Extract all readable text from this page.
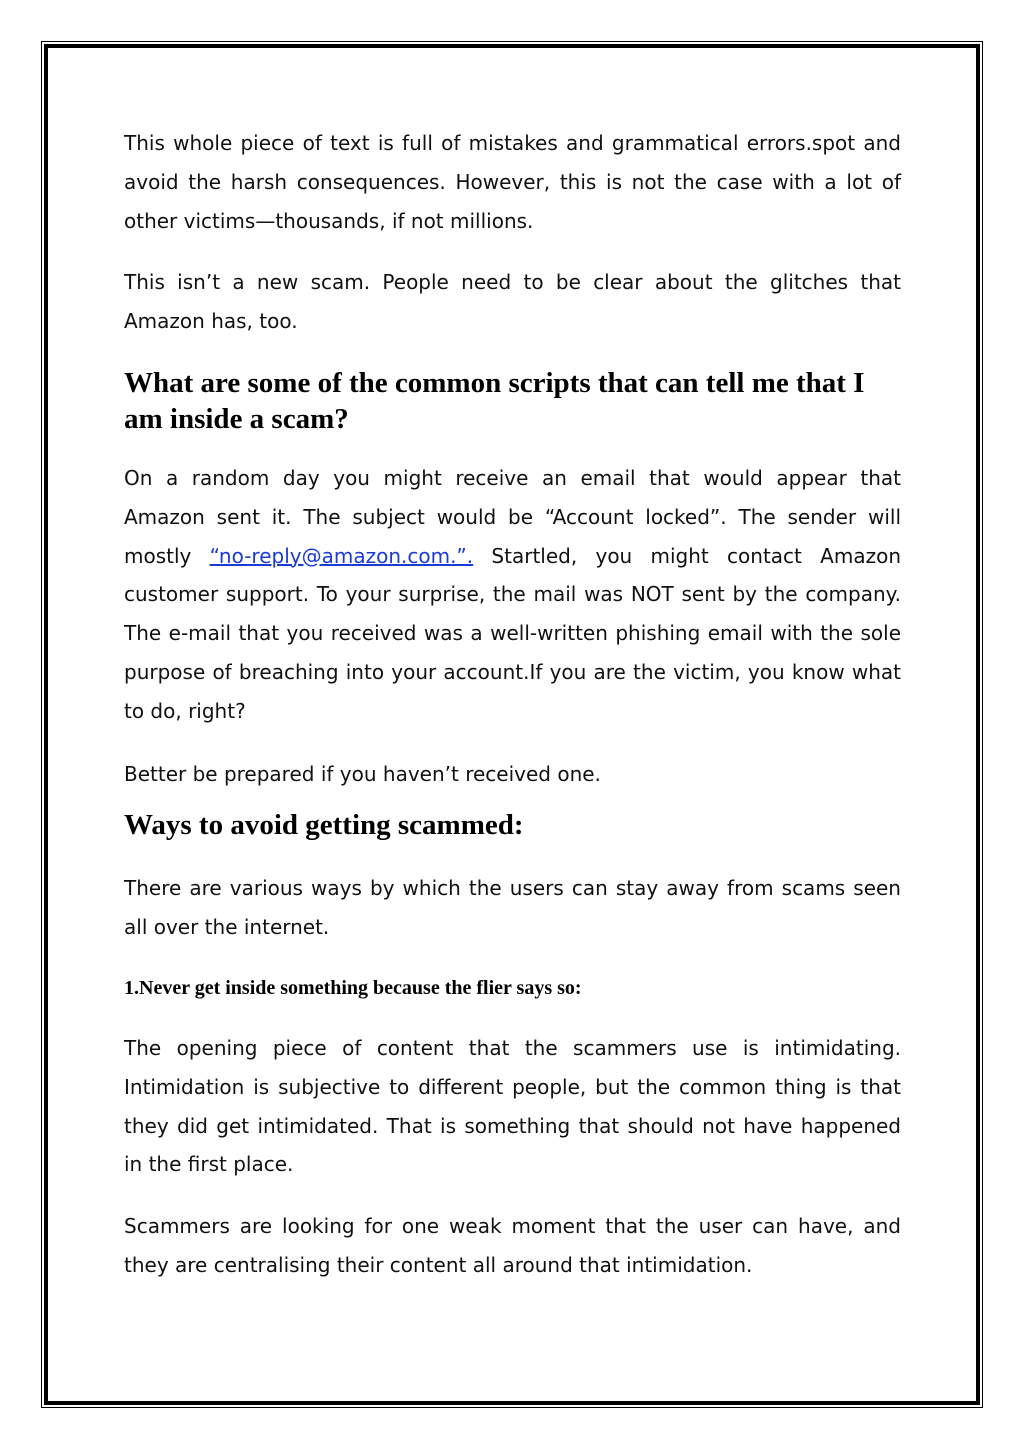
This whole piece of text is full of mistakes and grammatical errors.spot and avoid the harsh consequences. However, this is not the case with a lot of other victims—thousands, if not millions.

This isn’t a new scam. People need to be clear about the glitches that Amazon has, too.

What are some of the common scripts that can tell me that I am inside a scam?

On a random day you might receive an email that would appear that Amazon sent it. The subject would be “Account locked”. The sender will mostly “no-reply@amazon.com.”. Startled, you might contact Amazon customer support. To your surprise, the mail was NOT sent by the company. The e-mail that you received was a well-written phishing email with the sole purpose of breaching into your account.If you are the victim, you know what to do, right?

Better be prepared if you haven’t received one.

Ways to avoid getting scammed:

There are various ways by which the users can stay away from scams seen all over the internet.

1.Never get inside something because the flier says so:

The opening piece of content that the scammers use is intimidating. Intimidation is subjective to different people, but the common thing is that they did get intimidated. That is something that should not have happened in the first place.

Scammers are looking for one weak moment that the user can have, and they are centralising their content all around that intimidation.
